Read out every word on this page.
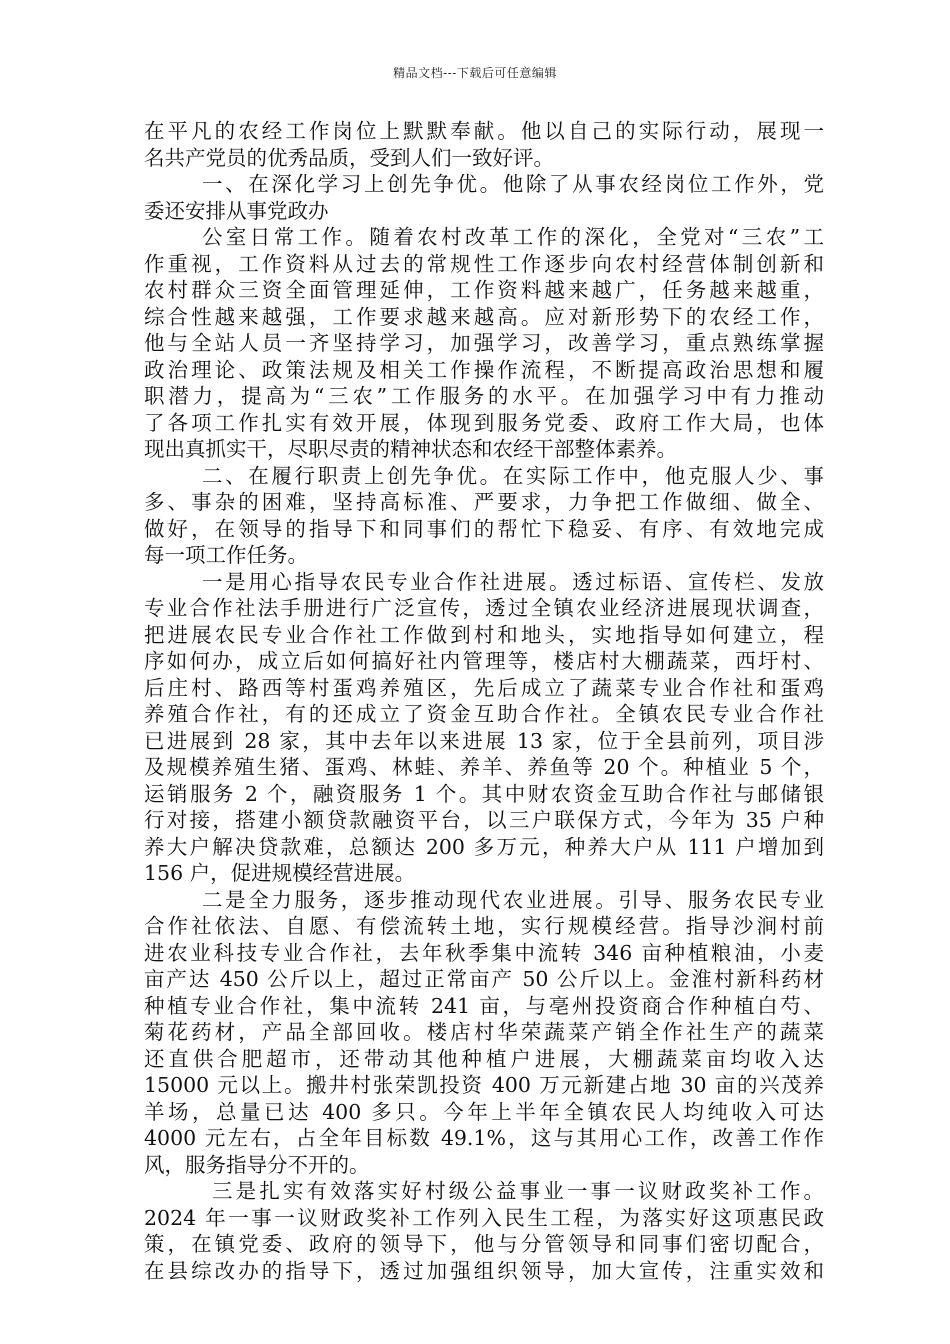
精品文档---下载后可任意编辑
在平凡的农经工作岗位上默默奉献。他以自己的实际行动，展现一
名共产党员的优秀品质，受到人们一致好评。
一、在深化学习上创先争优。他除了从事农经岗位工作外，党
委还安排从事党政办
公室日常工作。随着农村改革工作的深化，全党对“三农”工
作重视，工作资料从过去的常规性工作逐步向农村经营体制创新和
农村群众三资全面管理延伸，工作资料越来越广，任务越来越重，
综合性越来越强，工作要求越来越高。应对新形势下的农经工作，
他与全站人员一齐坚持学习，加强学习，改善学习，重点熟练掌握
政治理论、政策法规及相关工作操作流程，不断提高政治思想和履
职潜力，提高为“三农”工作服务的水平。在加强学习中有力推动
了各项工作扎实有效开展，体现到服务党委、政府工作大局，也体
现出真抓实干，尽职尽责的精神状态和农经干部整体素养。
二、在履行职责上创先争优。在实际工作中，他克服人少、事
多、事杂的困难，坚持高标准、严要求，力争把工作做细、做全、
做好，在领导的指导下和同事们的帮忙下稳妥、有序、有效地完成
每一项工作任务。
一是用心指导农民专业合作社进展。透过标语、宣传栏、发放
专业合作社法手册进行广泛宣传，透过全镇农业经济进展现状调查，
把进展农民专业合作社工作做到村和地头，实地指导如何建立，程
序如何办，成立后如何搞好社内管理等，楼店村大棚蔬菜，西圩村、
后庄村、路西等村蛋鸡养殖区，先后成立了蔬菜专业合作社和蛋鸡
养殖合作社，有的还成立了资金互助合作社。全镇农民专业合作社
已进展到 28 家，其中去年以来进展 13 家，位于全县前列，项目涉
及规模养殖生猪、蛋鸡、林蛙、养羊、养鱼等 20 个。种植业 5 个，
运销服务 2 个，融资服务 1 个。其中财农资金互助合作社与邮储银
行对接，搭建小额贷款融资平台，以三户联保方式，今年为 35 户种
养大户解决贷款难，总额达 200 多万元，种养大户从 111 户增加到
156 户，促进规模经营进展。
二是全力服务，逐步推动现代农业进展。引导、服务农民专业
合作社依法、自愿、有偿流转土地，实行规模经营。指导沙涧村前
进农业科技专业合作社，去年秋季集中流转 346 亩种植粮油，小麦
亩产达 450 公斤以上，超过正常亩产 50 公斤以上。金淮村新科药材
种植专业合作社，集中流转 241 亩，与亳州投资商合作种植白芍、
菊花药材，产品全部回收。楼店村华荣蔬菜产销全作社生产的蔬菜
还直供合肥超市，还带动其他种植户进展，大棚蔬菜亩均收入达
15000 元以上。搬井村张荣凯投资 400 万元新建占地 30 亩的兴茂养
羊场，总量已达 400 多只。今年上半年全镇农民人均纯收入可达
4000 元左右，占全年目标数 49.1%，这与其用心工作，改善工作作
风，服务指导分不开的。
三是扎实有效落实好村级公益事业一事一议财政奖补工作。
2024 年一事一议财政奖补工作列入民生工程，为落实好这项惠民政
策，在镇党委、政府的领导下，他与分管领导和同事们密切配合，
在县综改办的指导下，透过加强组织领导，加大宣传，注重实效和
